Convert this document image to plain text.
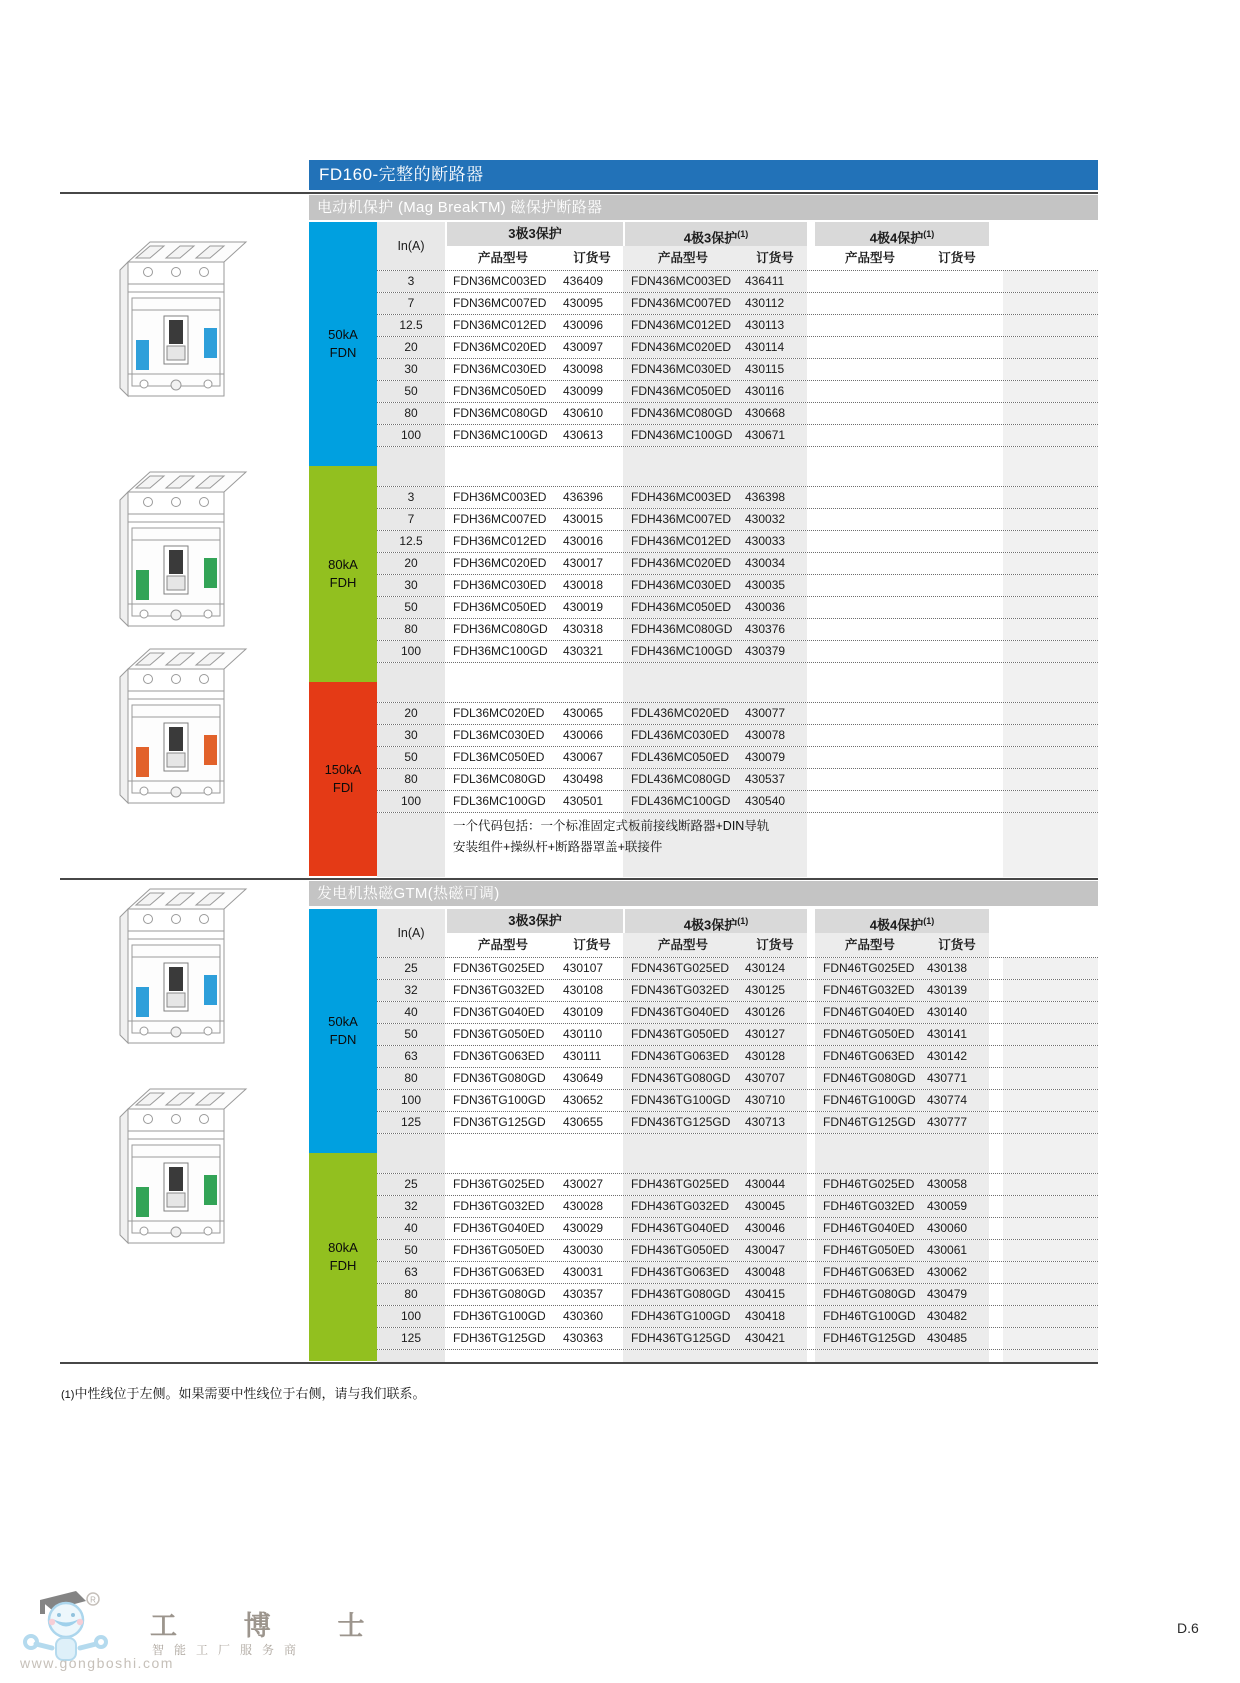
FD160-完整的断路器
电动机保护 (Mag BreakTM) 磁保护断路器
50kA
FDN
80kA
FDH
150kA
FDl
In(A)
3极3保护	4极3保护$^{(1)}$	4极4保护$^{(1)}$
产品型号	订货号	产品型号	订货号	产品型号	订货号
3	FDN36MC003ED	436409	FDN436MC003ED	436411
7	FDN36MC007ED	430095	FDN436MC007ED	430112
12.5	FDN36MC012ED	430096	FDN436MC012ED	430113
20	FDN36MC020ED	430097	FDN436MC020ED	430114
30	FDN36MC030ED	430098	FDN436MC030ED	430115
50	FDN36MC050ED	430099	FDN436MC050ED	430116
80	FDN36MC080GD	430610	FDN436MC080GD	430668
100	FDN36MC100GD	430613	FDN436MC100GD	430671
3	FDH36MC003ED	436396	FDH436MC003ED	436398
7	FDH36MC007ED	430015	FDH436MC007ED	430032
12.5	FDH36MC012ED	430016	FDH436MC012ED	430033
20	FDH36MC020ED	430017	FDH436MC020ED	430034
30	FDH36MC030ED	430018	FDH436MC030ED	430035
50	FDH36MC050ED	430019	FDH436MC050ED	430036
80	FDH36MC080GD	430318	FDH436MC080GD	430376
100	FDH36MC100GD	430321	FDH436MC100GD	430379
20	FDL36MC020ED	430065	FDL436MC020ED	430077
30	FDL36MC030ED	430066	FDL436MC030ED	430078
50	FDL36MC050ED	430067	FDL436MC050ED	430079
80	FDL36MC080GD	430498	FDL436MC080GD	430537
100	FDL36MC100GD	430501	FDL436MC100GD	430540
一个代码包括：一个标准固定式板前接线断路器+DIN导轨
安装组件+操纵杆+断路器罩盖+联接件
发电机热磁GTM(热磁可调)
50kA
FDN
80kA
FDH
In(A)
3极3保护	4极3保护$^{(1)}$	4极4保护$^{(1)}$
产品型号	订货号	产品型号	订货号	产品型号	订货号
25	FDN36TG025ED	430107	FDN436TG025ED	430124	FDN46TG025ED	430138
32	FDN36TG032ED	430108	FDN436TG032ED	430125	FDN46TG032ED	430139
40	FDN36TG040ED	430109	FDN436TG040ED	430126	FDN46TG040ED	430140
50	FDN36TG050ED	430110	FDN436TG050ED	430127	FDN46TG050ED	430141
63	FDN36TG063ED	430111	FDN436TG063ED	430128	FDN46TG063ED	430142
80	FDN36TG080GD	430649	FDN436TG080GD	430707	FDN46TG080GD 430771
100	FDN36TG100GD	430652	FDN436TG100GD	430710	FDN46TG100GD 430774
125	FDN36TG125GD	430655	FDN436TG125GD	430713	FDN46TG125GD 430777
25	FDH36TG025ED	430027	FDH436TG025ED	430044	FDH46TG025ED	430058
32	FDH36TG032ED	430028	FDH436TG032ED	430045	FDH46TG032ED	430059
40	FDH36TG040ED	430029	FDH436TG040ED	430046	FDH46TG040ED	430060
50	FDH36TG050ED	430030	FDH436TG050ED	430047	FDH46TG050ED	430061
63	FDH36TG063ED	430031	FDH436TG063ED	430048	FDH46TG063ED	430062
80	FDH36TG080GD	430357	FDH436TG080GD	430415	FDH46TG080GD 430479
100	FDH36TG100GD	430360	FDH436TG100GD	430418	FDH46TG100GD 430482
125	FDH36TG125GD	430363	FDH436TG125GD	430421	FDH46TG125GD 430485
(1)中性线位于左侧。如果需要中性线位于右侧，请与我们联系。
R
工 博 士
智能工厂服务商
www.gongboshi.com
D.6
